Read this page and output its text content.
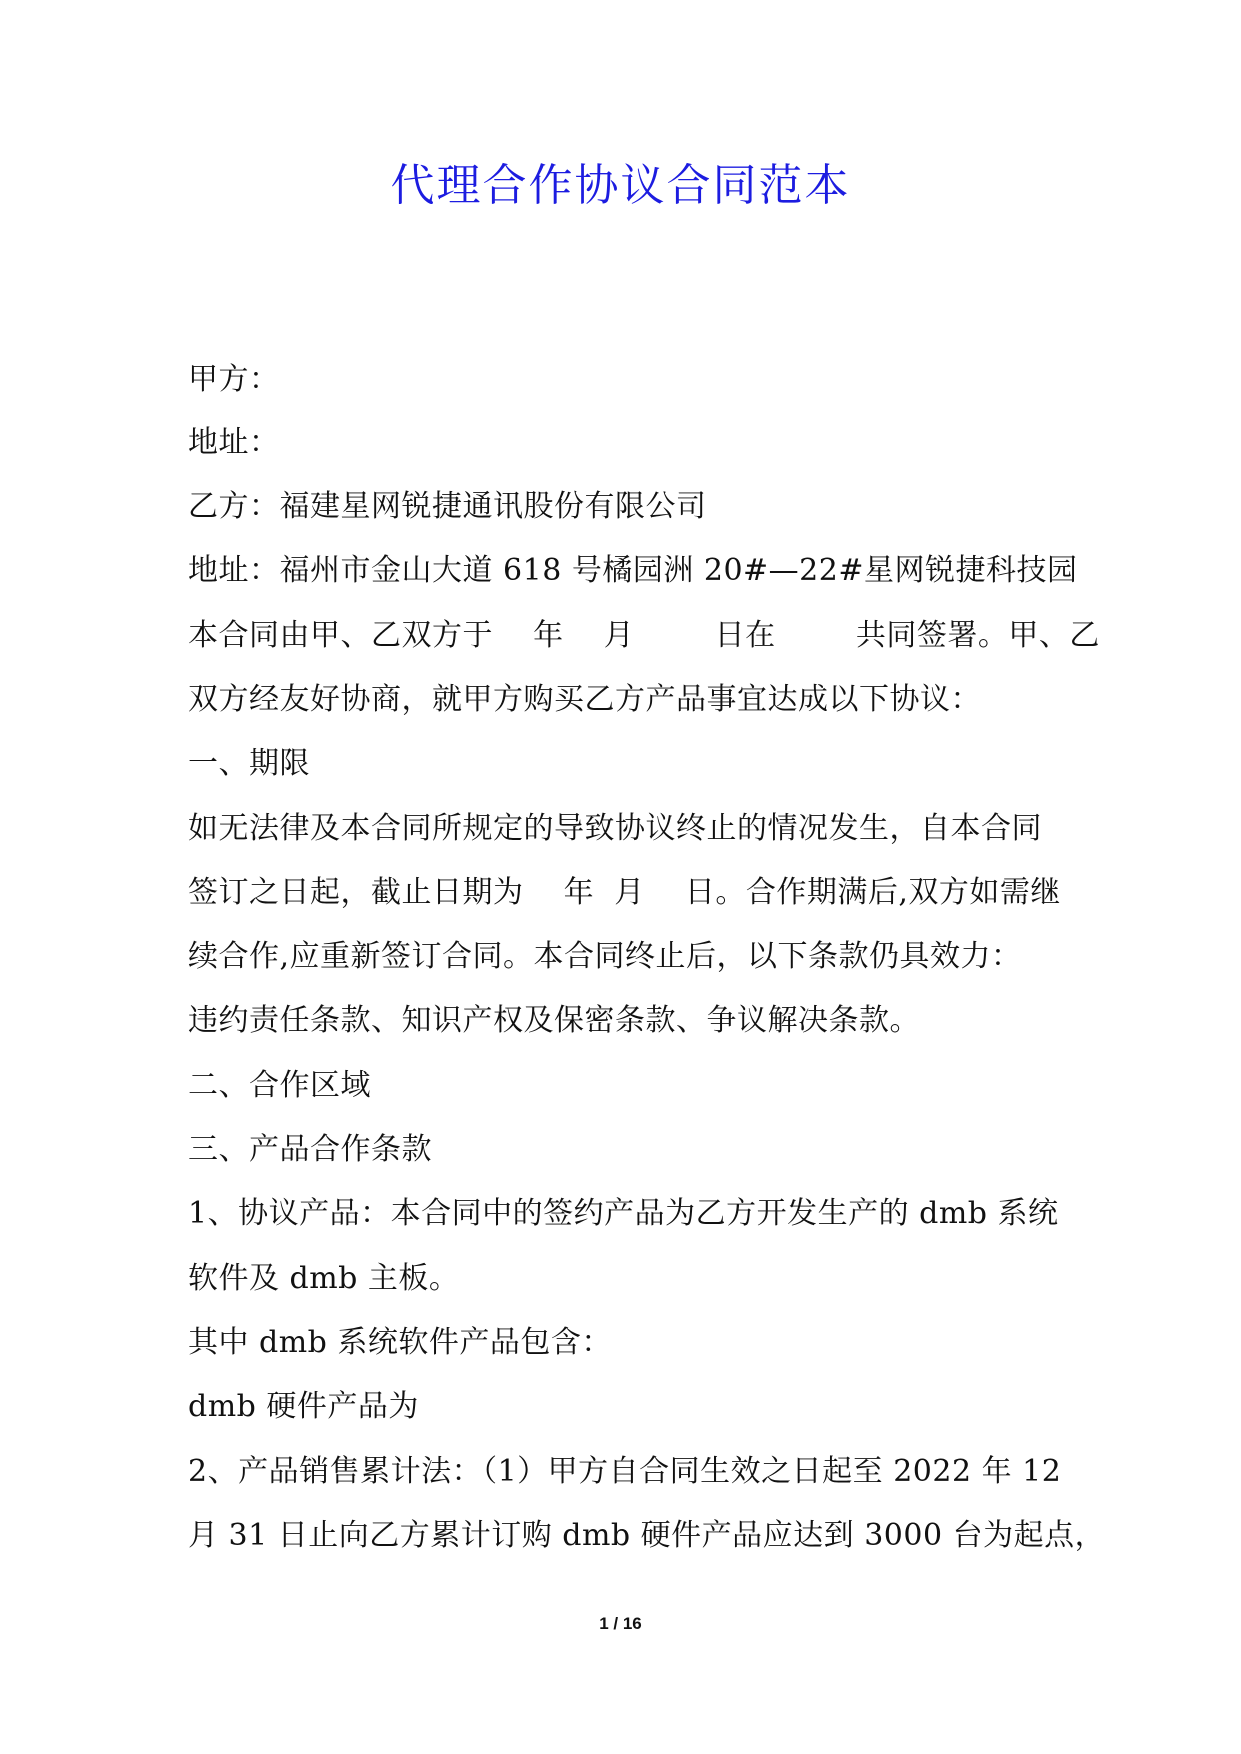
代理合作协议合同范本
甲方：
地址：
乙方：福建星网锐捷通讯股份有限公司
地址：福州市金山大道 618 号橘园洲 20#—22#星网锐捷科技园
本合同由甲、乙双方于    年    月        日在        共同签署。甲、乙
双方经友好协商，就甲方购买乙方产品事宜达成以下协议：
一、期限
如无法律及本合同所规定的导致协议终止的情况发生，自本合同
签订之日起，截止日期为    年  月    日。合作期满后,双方如需继
续合作,应重新签订合同。本合同终止后，以下条款仍具效力：
违约责任条款、知识产权及保密条款、争议解决条款。
二、合作区域
三、产品合作条款
1、协议产品：本合同中的签约产品为乙方开发生产的 dmb 系统
软件及 dmb 主板。
其中 dmb 系统软件产品包含：
dmb 硬件产品为
2、产品销售累计法：（1）甲方自合同生效之日起至 2022 年 12
月 31 日止向乙方累计订购 dmb 硬件产品应达到 3000 台为起点，
1 / 16
